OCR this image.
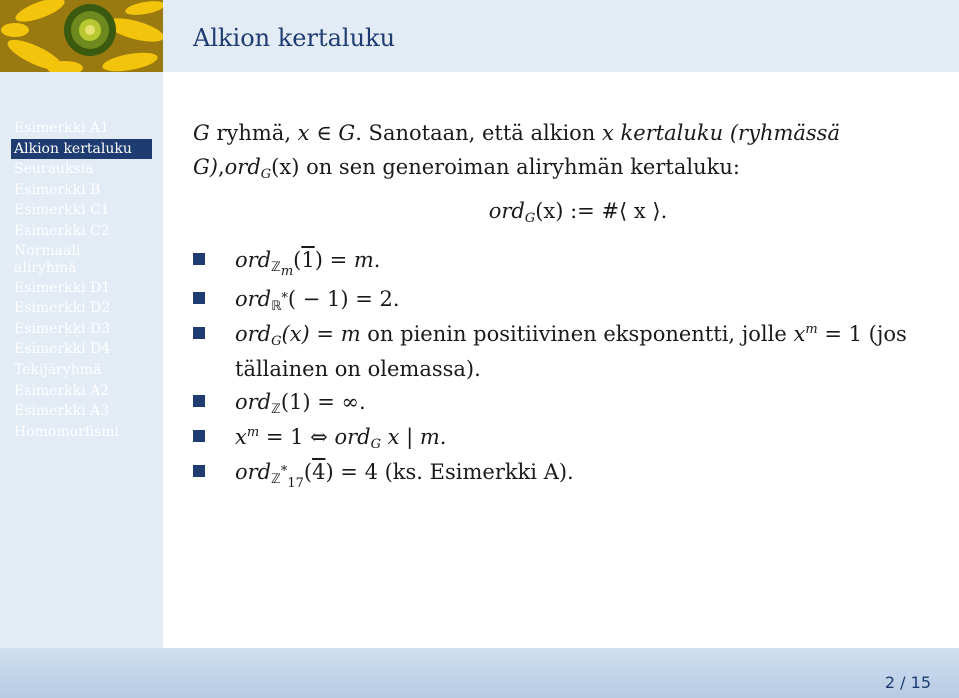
Alkion kertaluku
Esimerkki A1
Alkion kertaluku
Seurauksia
Esimerkki B
Esimerkki C1
Esimerkki C2
Normaali aliryhmä
Esimerkki D1
Esimerkki D2
Esimerkki D3
Esimerkki D4
Tekijäryhmä
Esimerkki A2
Esimerkki A3
Homomorfismi
G ryhmä, x ∈ G. Sanotaan, että alkion x kertaluku (ryhmässä G),ord$_G$(x) on sen generoiman aliryhmän kertaluku:
ord$_G$(x) := #⟨ x ⟩.
ord$_{ℤ_m}$(1) = m.
ord$_{ℝ^*}$( − 1) = 2.
ord$_G$(x) = m on pienin positiivinen eksponentti, jolle $x^m = 1$ (jos tällainen on olemassa).
ord$_ℤ$(1) = ∞.
$x^m = 1$ ⇔ ord$_G$ x | m.
ord$_{ℤ^*_{17}}$(4) = 4 (ks. Esimerkki A).
2 / 15
